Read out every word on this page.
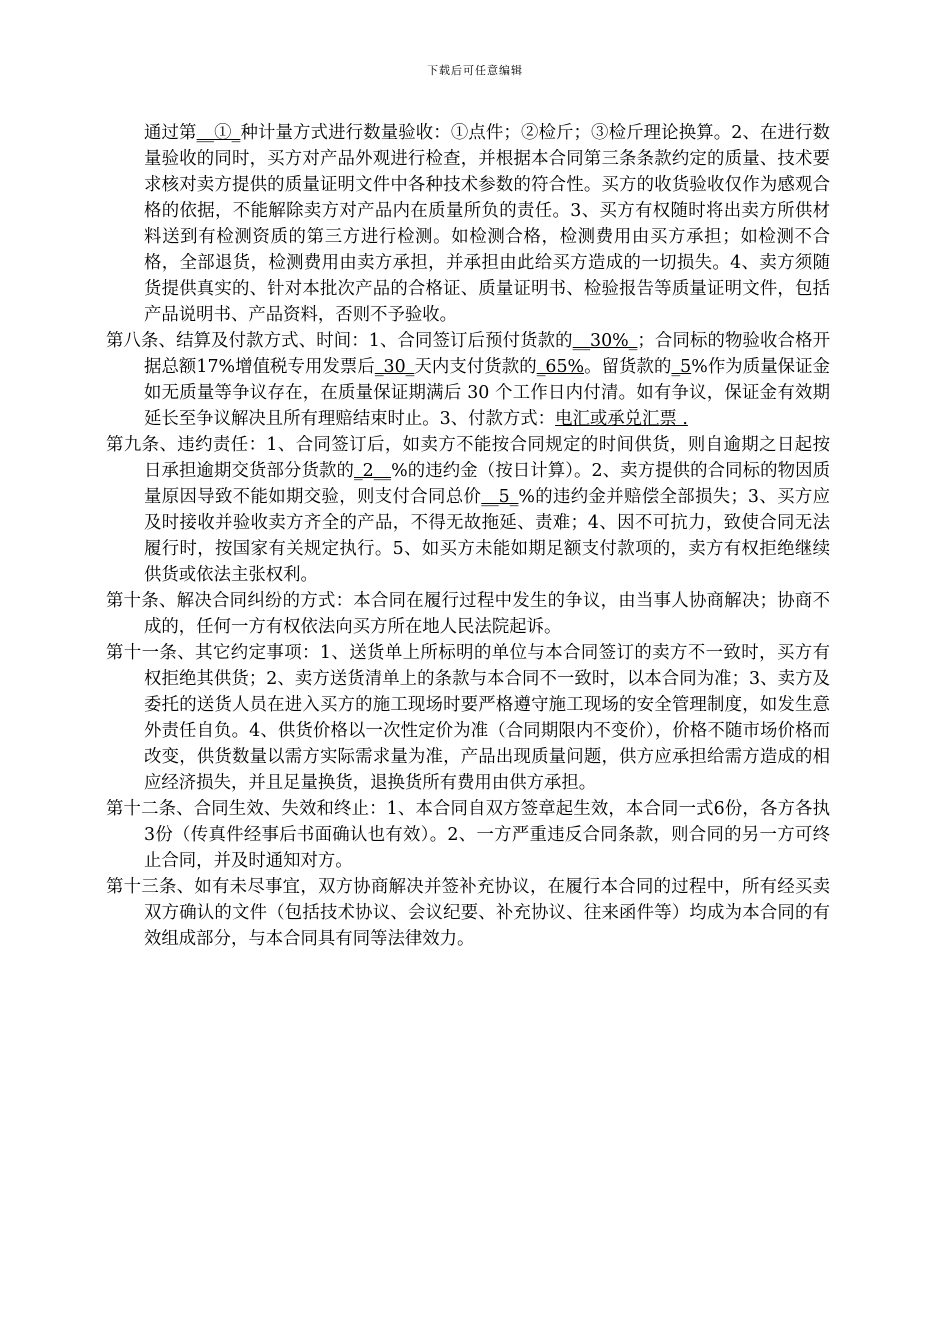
下载后可任意编辑

通过第__①_种计量方式进行数量验收：①点件；②检斤；③检斤理论换算。2、在进行数量验收的同时，买方对产品外观进行检查，并根据本合同第三条条款约定的质量、技术要求核对卖方提供的质量证明文件中各种技术参数的符合性。买方的收货验收仅作为感观合格的依据，不能解除卖方对产品内在质量所负的责任。3、买方有权随时将出卖方所供材料送到有检测资质的第三方进行检测。如检测合格，检测费用由买方承担；如检测不合格，全部退货，检测费用由卖方承担，并承担由此给买方造成的一切损失。4、卖方须随货提供真实的、针对本批次产品的合格证、质量证明书、检验报告等质量证明文件，包括产品说明书、产品资料，否则不予验收。

第八条、结算及付款方式、时间：1、合同签订后预付货款的__30%_；合同标的物验收合格开据总额17%增值税专用发票后_30_天内支付货款的_65%。留货款的_5%作为质量保证金如无质量等争议存在，在质量保证期满后 30 个工作日内付清。如有争议，保证金有效期延长至争议解决且所有理赔结束时止。3、付款方式：电汇或承兑汇票 .

第九条、违约责任：1、合同签订后，如卖方不能按合同规定的时间供货，则自逾期之日起按日承担逾期交货部分货款的_2__%的违约金（按日计算）。2、卖方提供的合同标的物因质量原因导致不能如期交验，则支付合同总价__5_%的违约金并赔偿全部损失；3、买方应及时接收并验收卖方齐全的产品，不得无故拖延、责难；4、因不可抗力，致使合同无法履行时，按国家有关规定执行。5、如买方未能如期足额支付款项的，卖方有权拒绝继续供货或依法主张权利。

第十条、解决合同纠纷的方式：本合同在履行过程中发生的争议，由当事人协商解决；协商不成的，任何一方有权依法向买方所在地人民法院起诉。

第十一条、其它约定事项：1、送货单上所标明的单位与本合同签订的卖方不一致时，买方有权拒绝其供货；2、卖方送货清单上的条款与本合同不一致时，以本合同为准；3、卖方及委托的送货人员在进入买方的施工现场时要严格遵守施工现场的安全管理制度，如发生意外责任自负。4、供货价格以一次性定价为准（合同期限内不变价），价格不随市场价格而改变，供货数量以需方实际需求量为准，产品出现质量问题，供方应承担给需方造成的相应经济损失，并且足量换货，退换货所有费用由供方承担。

第十二条、合同生效、失效和终止：1、本合同自双方签章起生效，本合同一式6份，各方各执 3份（传真件经事后书面确认也有效）。2、一方严重违反合同条款，则合同的另一方可终止合同，并及时通知对方。

第十三条、如有未尽事宜，双方协商解决并签补充协议，在履行本合同的过程中，所有经买卖双方确认的文件（包括技术协议、会议纪要、补充协议、往来函件等）均成为本合同的有效组成部分，与本合同具有同等法律效力。
